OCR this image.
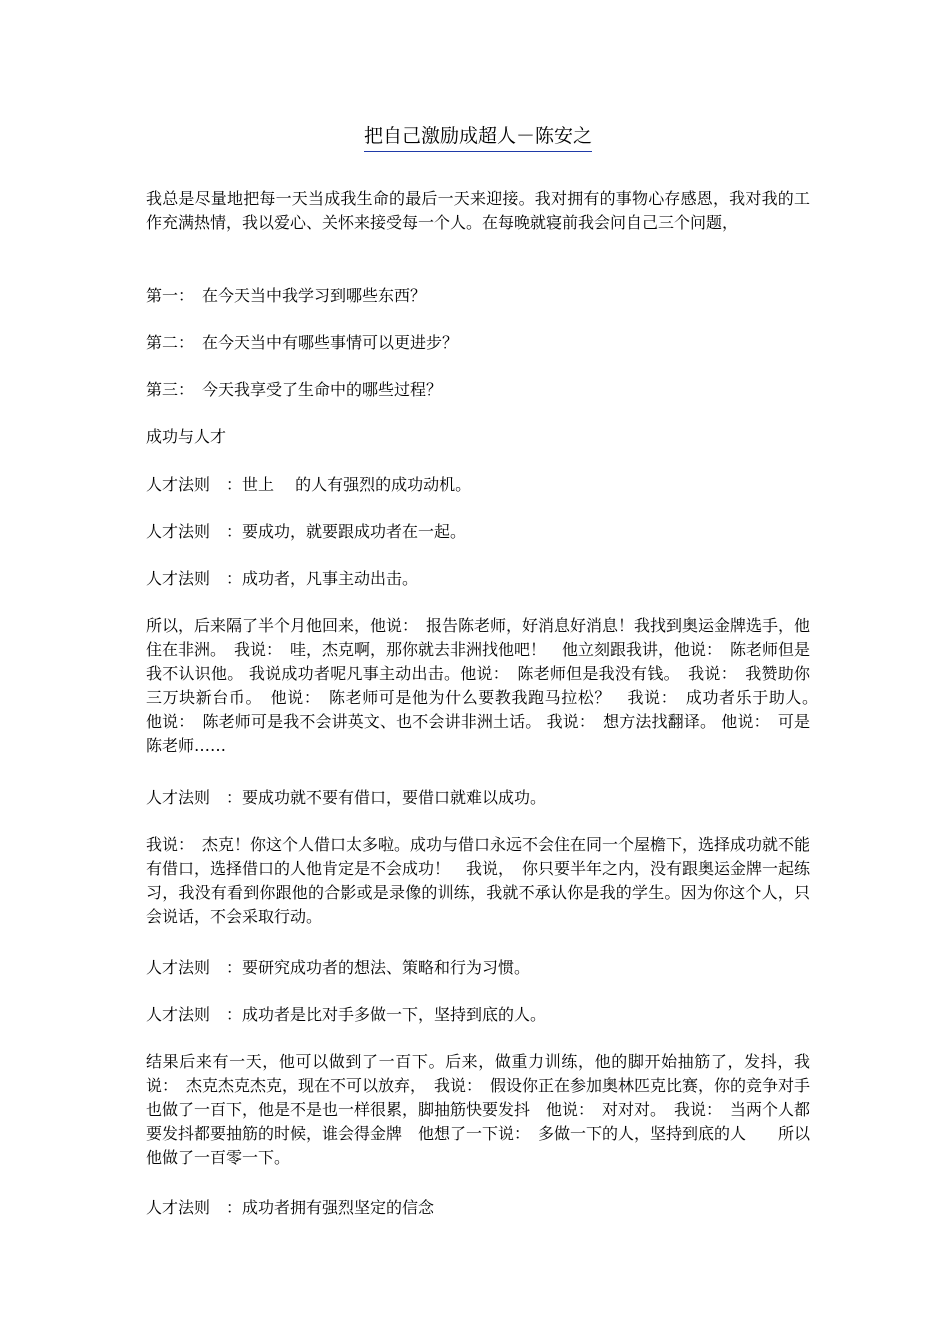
把自己激励成超人－陈安之

我总是尽量地把每一天当成我生命的最后一天来迎接。我对拥有的事物心存感恩，我对我的工作充满热情，我以爱心、关怀来接受每一个人。在每晚就寝前我会问自己三个问题，

第一：　在今天当中我学习到哪些东西？

第二：　在今天当中有哪些事情可以更进步？

第三：　今天我享受了生命中的哪些过程？

成功与人才

人才法则　：世上　 的人有强烈的成功动机。

人才法则　：要成功，就要跟成功者在一起。

人才法则　：成功者，凡事主动出击。

所以，后来隔了半个月他回来，他说：　报告陈老师，好消息好消息！我找到奥运金牌选手，他住在非洲。　我说：　哇，杰克啊，那你就去非洲找他吧！　他立刻跟我讲，他说：　陈老师但是我不认识他。 我说成功者呢凡事主动出击。他说：　陈老师但是我没有钱。　我说：　我赞助你三万块新台币。　他说：　陈老师可是他为什么要教我跑马拉松？　我说：　成功者乐于助人。　他说：　陈老师可是我不会讲英文、也不会讲非洲土话。 我说：　想方法找翻译。 他说：　可是陈老师……

人才法则　：要成功就不要有借口，要借口就难以成功。

我说：　杰克！你这个人借口太多啦。成功与借口永远不会住在同一个屋檐下，选择成功就不能有借口，选择借口的人他肯定是不会成功！　我说，　你只要半年之内，没有跟奥运金牌一起练习，我没有看到你跟他的合影或是录像的训练，我就不承认你是我的学生。因为你这个人，只会说话，不会采取行动。

人才法则　：要研究成功者的想法、策略和行为习惯。

人才法则　：成功者是比对手多做一下，坚持到底的人。

结果后来有一天，他可以做到了一百下。后来，做重力训练，他的脚开始抽筋了，发抖，我说：　杰克杰克杰克，现在不可以放弃，　我说：　假设你正在参加奥林匹克比赛，你的竞争对手也做了一百下，他是不是也一样很累，脚抽筋快要发抖　他说：　对对对。　我说：　当两个人都要发抖都要抽筋的时候，谁会得金牌　他想了一下说：　多做一下的人，坚持到底的人　　所以他做了一百零一下。

人才法则　：成功者拥有强烈坚定的信念
